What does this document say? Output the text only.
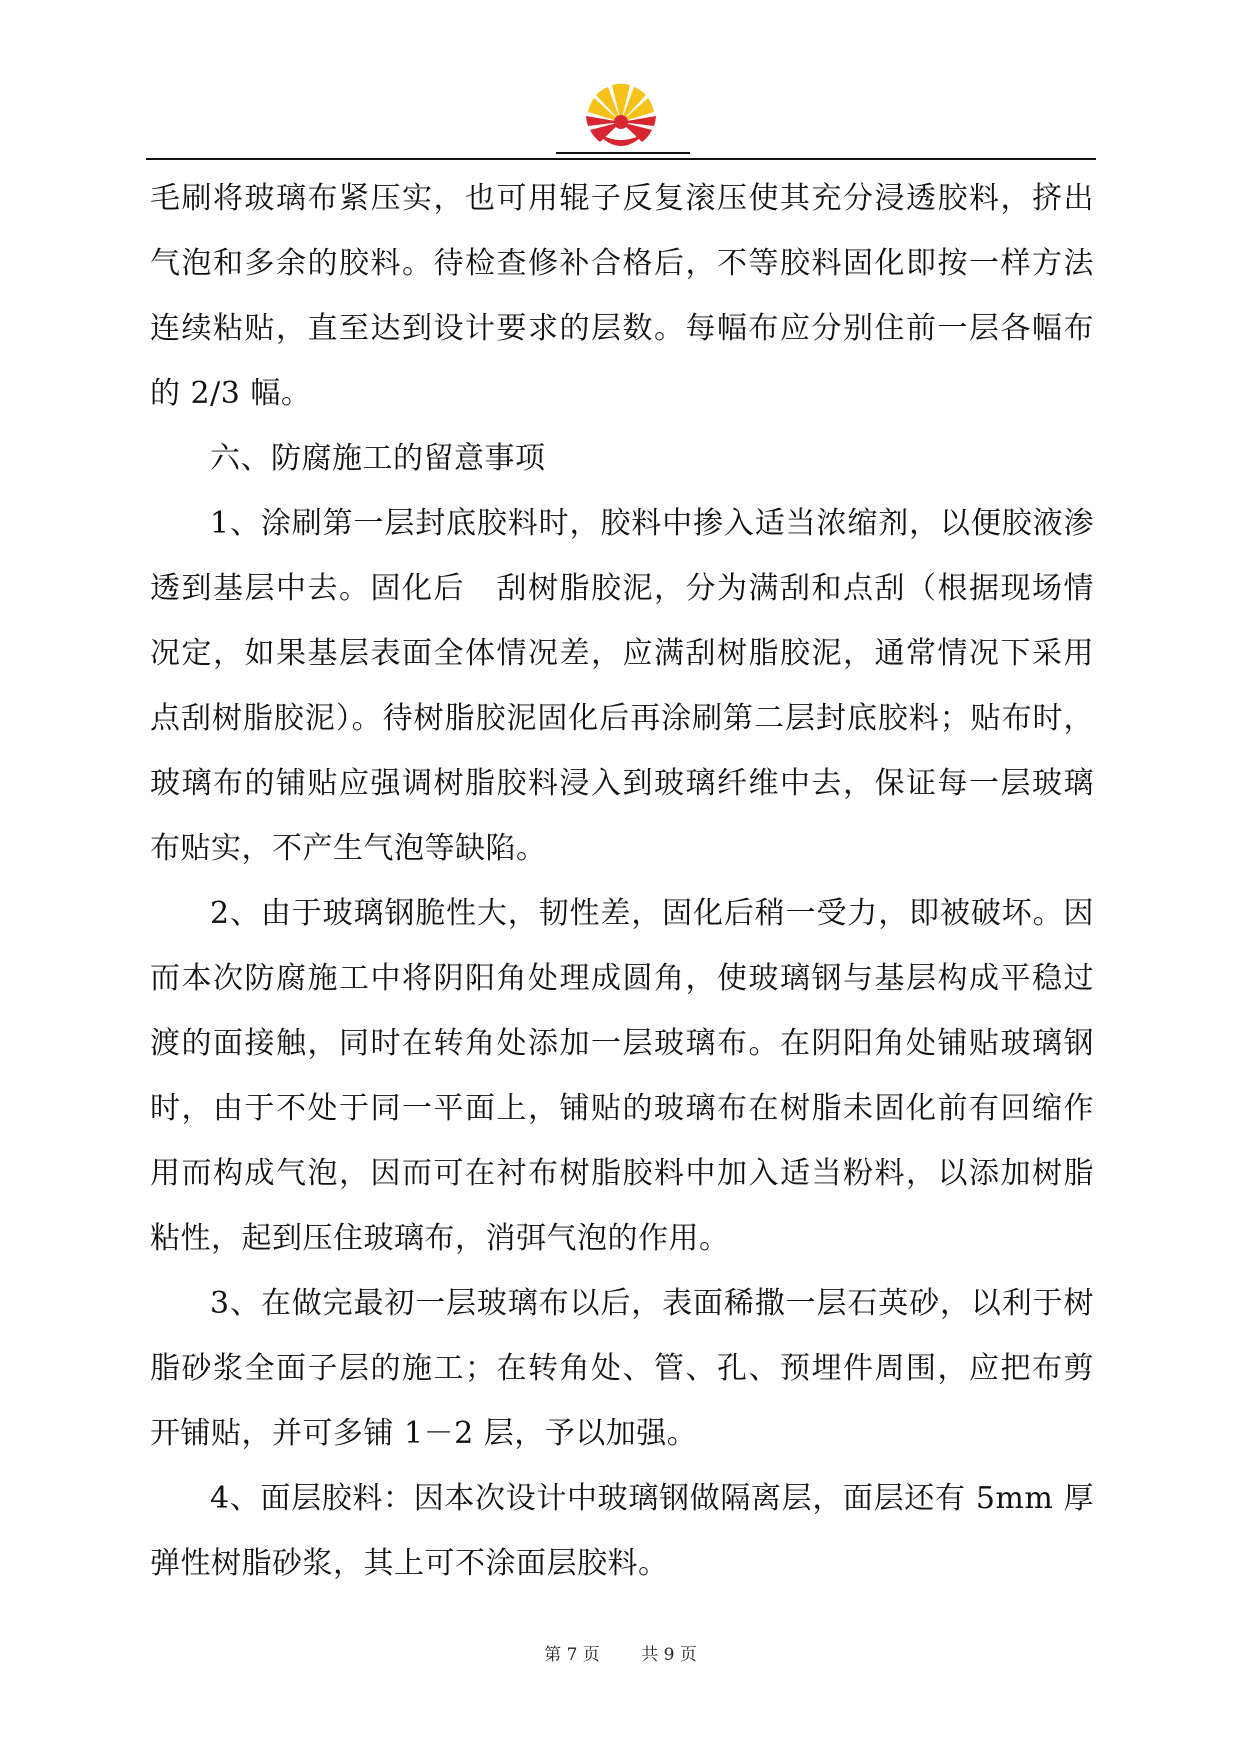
毛刷将玻璃布紧压实，也可用辊子反复滚压使其充分浸透胶料，挤出气泡和多余的胶料。待检查修补合格后，不等胶料固化即按一样方法连续粘贴，直至达到设计要求的层数。每幅布应分别住前一层各幅布的 2/3 幅。

六、防腐施工的留意事项

1、涂刷第一层封底胶料时，胶料中掺入适当浓缩剂，以便胶液渗透到基层中去。固化后　刮树脂胶泥，分为满刮和点刮（根据现场情况定，如果基层表面全体情况差，应满刮树脂胶泥，通常情况下采用点刮树脂胶泥）。待树脂胶泥固化后再涂刷第二层封底胶料；贴布时，玻璃布的铺贴应强调树脂胶料浸入到玻璃纤维中去，保证每一层玻璃布贴实，不产生气泡等缺陷。

2、由于玻璃钢脆性大，韧性差，固化后稍一受力，即被破坏。因而本次防腐施工中将阴阳角处理成圆角，使玻璃钢与基层构成平稳过渡的面接触，同时在转角处添加一层玻璃布。在阴阳角处铺贴玻璃钢时，由于不处于同一平面上，铺贴的玻璃布在树脂未固化前有回缩作用而构成气泡，因而可在衬布树脂胶料中加入适当粉料，以添加树脂粘性，起到压住玻璃布，消弭气泡的作用。

3、在做完最初一层玻璃布以后，表面稀撒一层石英砂，以利于树脂砂浆全面子层的施工；在转角处、管、孔、预埋件周围，应把布剪开铺贴，并可多铺 1－2 层，予以加强。

4、面层胶料：因本次设计中玻璃钢做隔离层，面层还有 5mm 厚弹性树脂砂浆，其上可不涂面层胶料。

第 7 页 共 9 页
